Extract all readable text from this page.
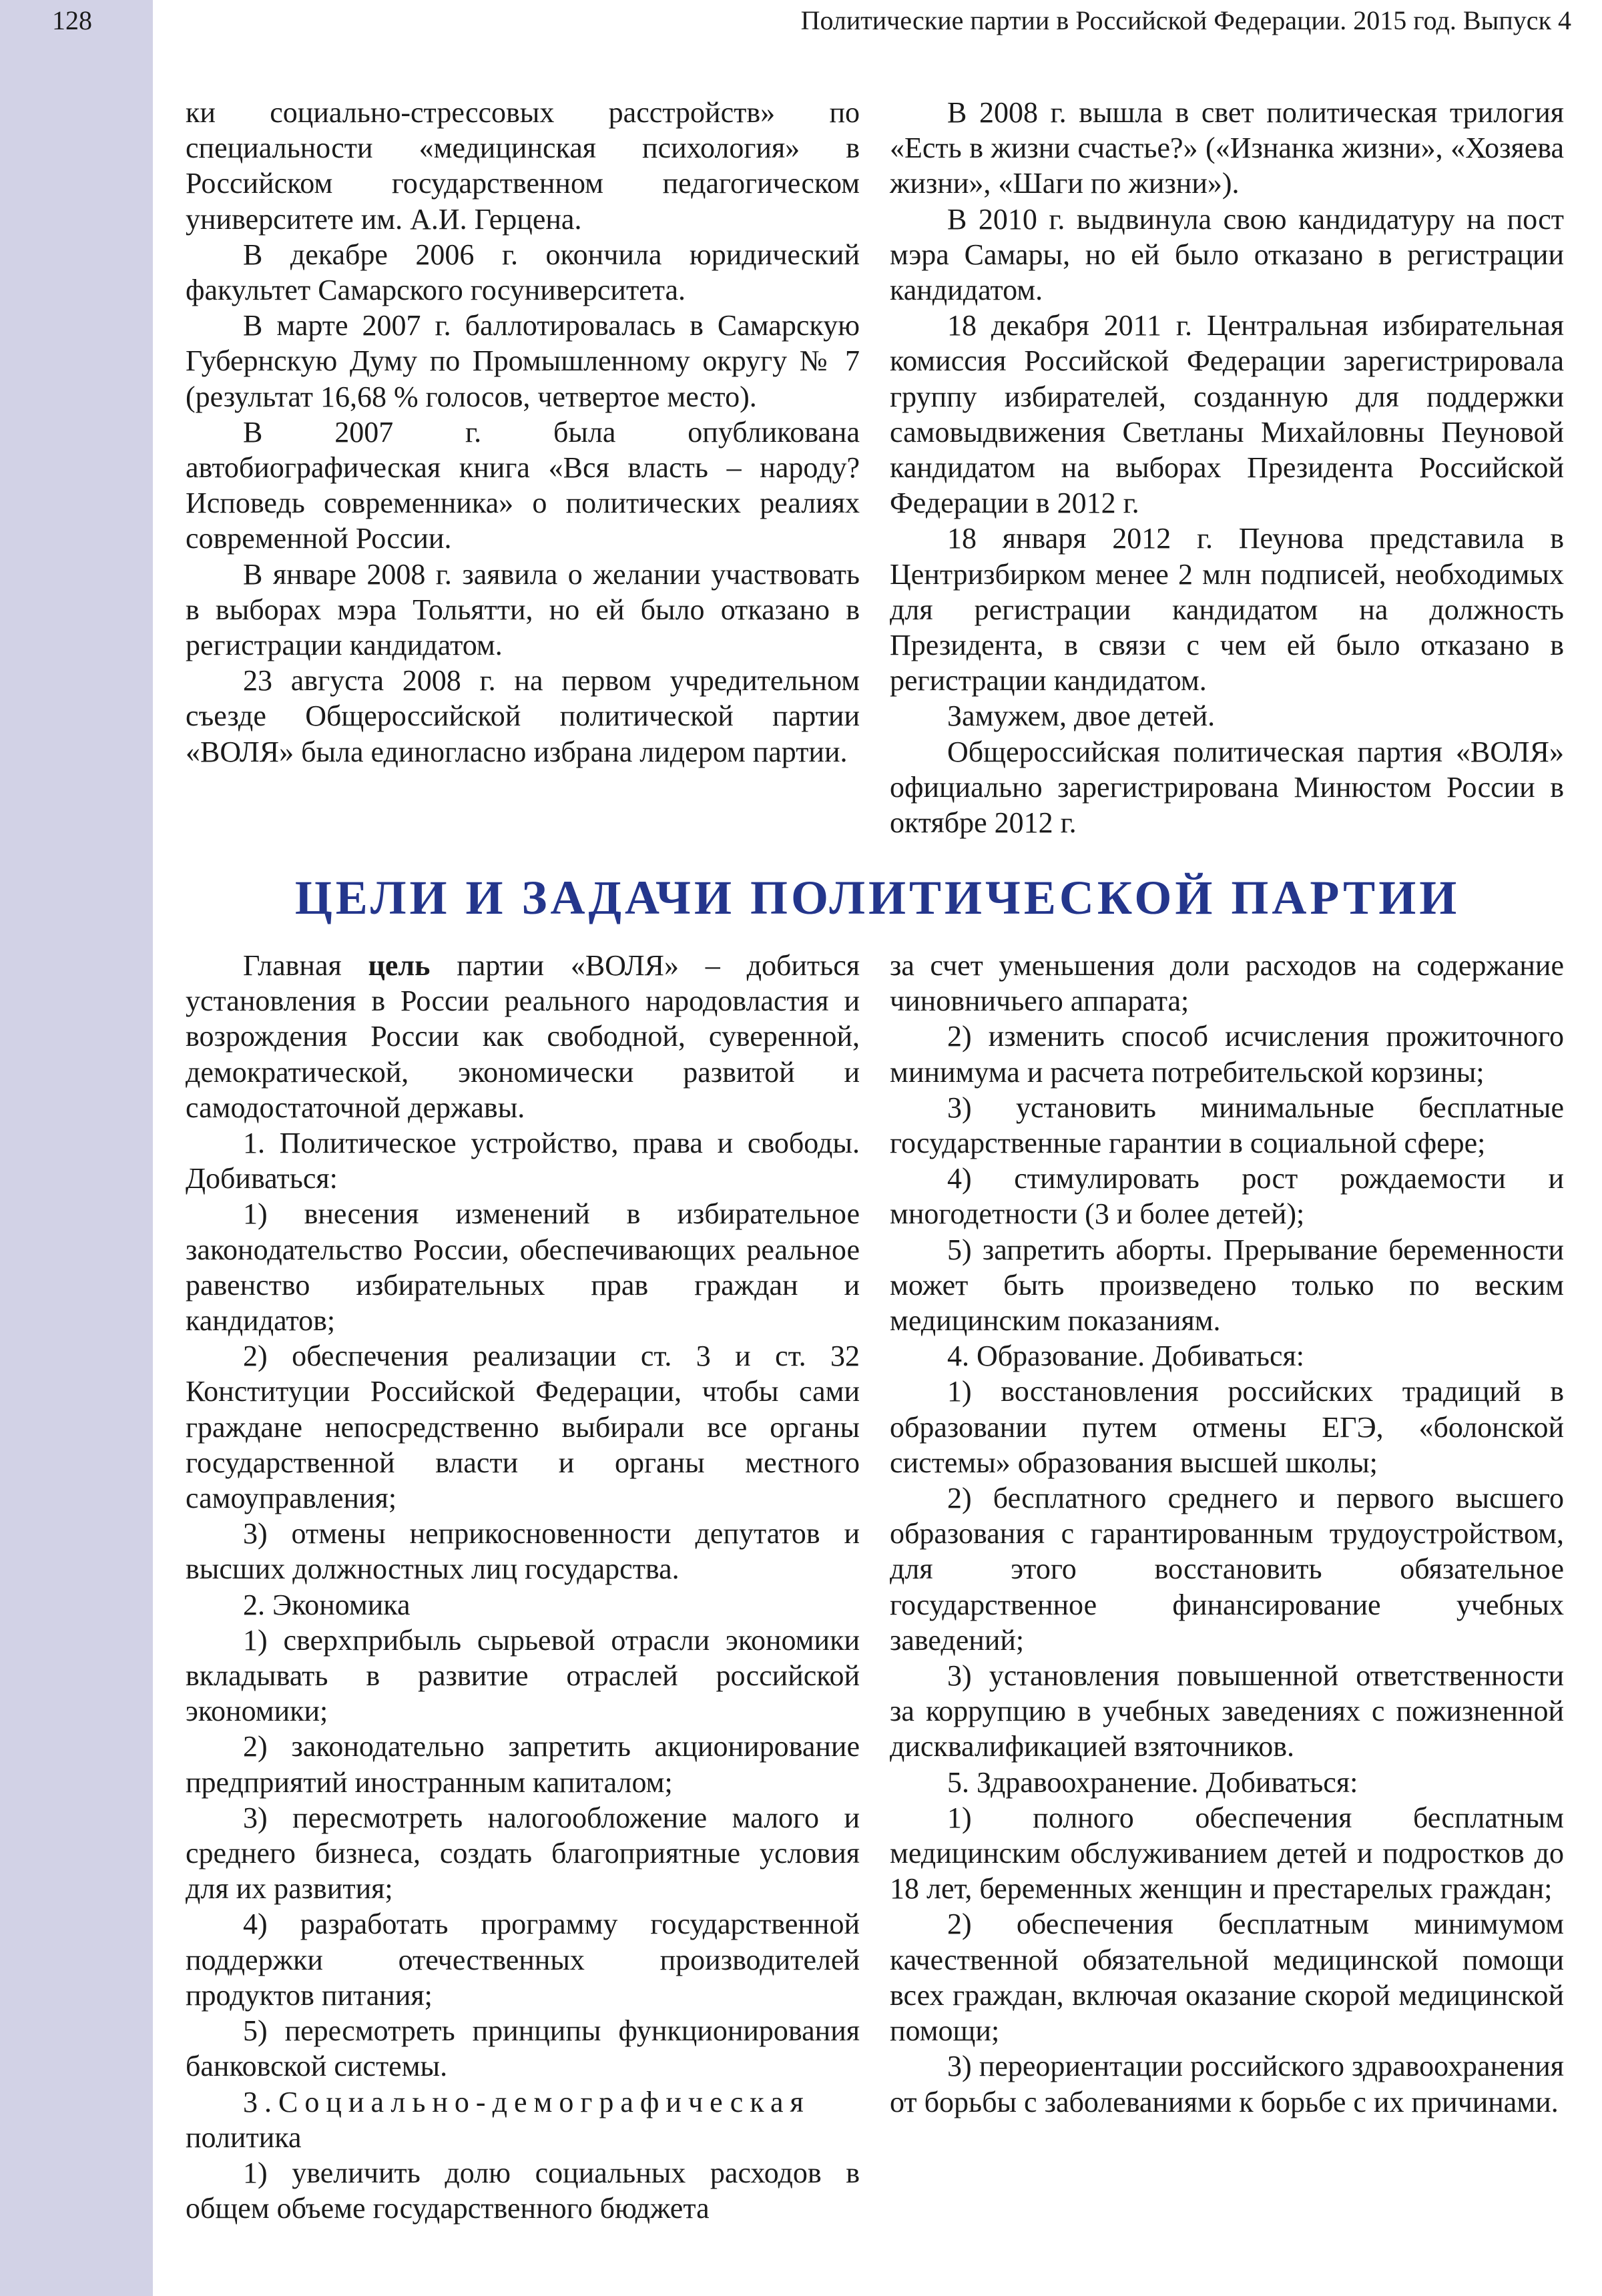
128	Политические партии в Российской Федерации. 2015 год. Выпуск 4

ки социально-стрессовых расстройств» по специальности «медицинская психология» в Российском государственном педагогическом университете им. А.И. Герцена.

В декабре 2006 г. окончила юридический факультет Самарского госуниверситета.

В марте 2007 г. баллотировалась в Самарскую Губернскую Думу по Промышленному округу № 7 (результат 16,68 % голосов, четвертое место).

В 2007 г. была опубликована автобиографическая книга «Вся власть – народу? Исповедь современника» о политических реалиях современной России.

В январе 2008 г. заявила о желании участвовать в выборах мэра Тольятти, но ей было отказано в регистрации кандидатом.

23 августа 2008 г. на первом учредительном съезде Общероссийской политической партии «ВОЛЯ» была единогласно избрана лидером партии.

В 2008 г. вышла в свет политическая трилогия «Есть в жизни счастье?» («Изнанка жизни», «Хозяева жизни», «Шаги по жизни»).

В 2010 г. выдвинула свою кандидатуру на пост мэра Самары, но ей было отказано в регистрации кандидатом.

18 декабря 2011 г. Центральная избирательная комиссия Российской Федерации зарегистрировала группу избирателей, созданную для поддержки самовыдвижения Светланы Михайловны Пеуновой кандидатом на выборах Президента Российской Федерации в 2012 г.

18 января 2012 г. Пеунова представила в Центризбирком менее 2 млн подписей, необходимых для регистрации кандидатом на должность Президента, в связи с чем ей было отказано в регистрации кандидатом.

Замужем, двое детей.

Общероссийская политическая партия «ВОЛЯ» официально зарегистрирована Минюстом России в октябре 2012 г.

ЦЕЛИ И ЗАДАЧИ ПОЛИТИЧЕСКОЙ ПАРТИИ

Главная цель партии «ВОЛЯ» – добиться установления в России реального народовластия и возрождения России как свободной, суверенной, демократической, экономически развитой и самодостаточной державы.

1. Политическое устройство, права и свободы. Добиваться:

1) внесения изменений в избирательное законодательство России, обеспечивающих реальное равенство избирательных прав граждан и кандидатов;

2) обеспечения реализации ст. 3 и ст. 32 Конституции Российской Федерации, чтобы сами граждане непосредственно выбирали все органы государственной власти и органы местного самоуправления;

3) отмены неприкосновенности депутатов и высших должностных лиц государства.

2. Экономика

1) сверхприбыль сырьевой отрасли экономики вкладывать в развитие отраслей российской экономики;

2) законодательно запретить акционирование предприятий иностранным капиталом;

3) пересмотреть налогообложение малого и среднего бизнеса, создать благоприятные условия для их развития;

4) разработать программу государственной поддержки отечественных производителей продуктов питания;

5) пересмотреть принципы функционирования банковской системы.

3.Социально-демографическая

политика

1) увеличить долю социальных расходов в общем объеме государственного бюджета

за счет уменьшения доли расходов на содержание чиновничьего аппарата;

2) изменить способ исчисления прожиточного минимума и расчета потребительской корзины;

3) установить минимальные бесплатные государственные гарантии в социальной сфере;

4) стимулировать рост рождаемости и многодетности (3 и более детей);

5) запретить аборты. Прерывание беременности может быть произведено только по веским медицинским показаниям.

4. Образование. Добиваться:

1) восстановления российских традиций в образовании путем отмены ЕГЭ, «болонской системы» образования высшей школы;

2) бесплатного среднего и первого высшего образования с гарантированным трудоустройством, для этого восстановить обязательное государственное финансирование учебных заведений;

3) установления повышенной ответственности за коррупцию в учебных заведениях с пожизненной дисквалификацией взяточников.

5. Здравоохранение. Добиваться:

1) полного обеспечения бесплатным медицинским обслуживанием детей и подростков до 18 лет, беременных женщин и престарелых граждан;

2) обеспечения бесплатным минимумом качественной обязательной медицинской помощи всех граждан, включая оказание скорой медицинской помощи;

3) переориентации российского здравоохранения от борьбы с заболеваниями к борьбе с их причинами.
